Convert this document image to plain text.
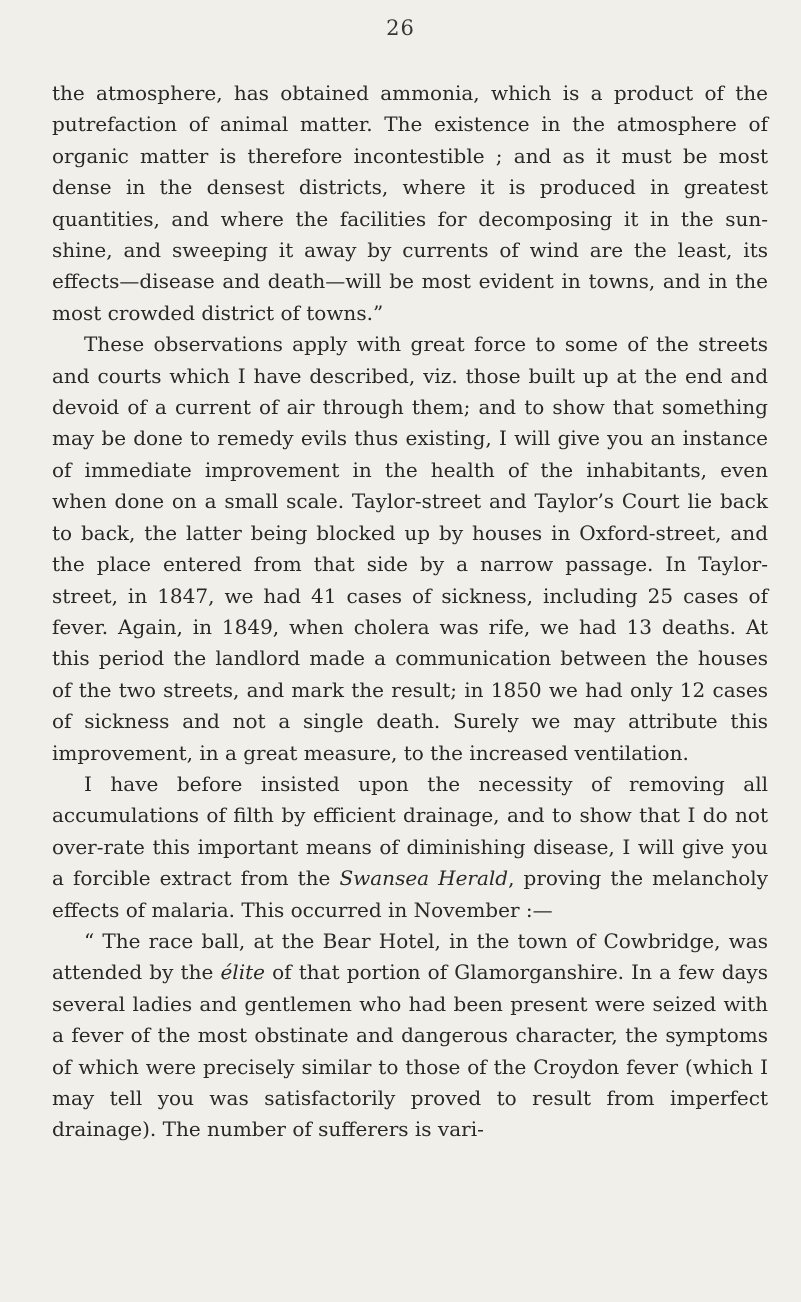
26

the atmosphere, has obtained ammonia, which is a product of the putrefaction of animal matter. The existence in the atmosphere of organic matter is therefore incontestible ; and as it must be most dense in the densest districts, where it is produced in greatest quantities, and where the facilities for decomposing it in the sun-shine, and sweeping it away by currents of wind are the least, its effects—disease and death—will be most evident in towns, and in the most crowded district of towns.”

These observations apply with great force to some of the streets and courts which I have described, viz. those built up at the end and devoid of a current of air through them; and to show that something may be done to remedy evils thus existing, I will give you an instance of immediate improvement in the health of the inhabitants, even when done on a small scale. Taylor-street and Taylor’s Court lie back to back, the latter being blocked up by houses in Oxford-street, and the place entered from that side by a narrow passage. In Taylor-street, in 1847, we had 41 cases of sickness, including 25 cases of fever. Again, in 1849, when cholera was rife, we had 13 deaths. At this period the landlord made a communication between the houses of the two streets, and mark the result; in 1850 we had only 12 cases of sickness and not a single death. Surely we may attribute this improvement, in a great measure, to the increased ventilation.

I have before insisted upon the necessity of removing all accumulations of filth by efficient drainage, and to show that I do not over-rate this important means of diminishing disease, I will give you a forcible extract from the Swansea Herald, proving the melancholy effects of malaria. This occurred in November :—

“ The race ball, at the Bear Hotel, in the town of Cowbridge, was attended by the élite of that portion of Glamorganshire. In a few days several ladies and gentlemen who had been present were seized with a fever of the most obstinate and dangerous character, the symptoms of which were precisely similar to those of the Croydon fever (which I may tell you was satisfactorily proved to result from imperfect drainage). The number of sufferers is vari-
